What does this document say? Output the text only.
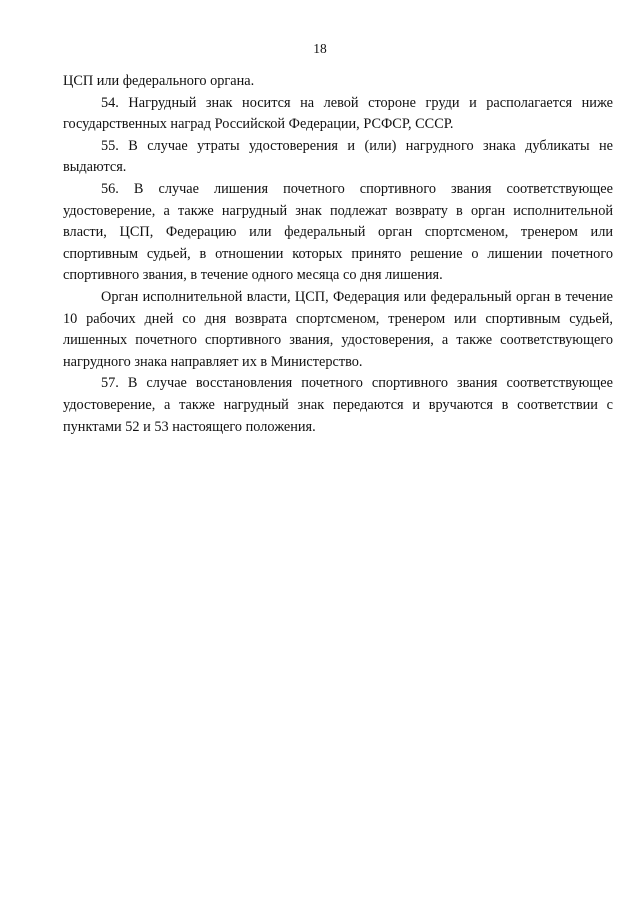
18

ЦСП или федерального органа.

54. Нагрудный знак носится на левой стороне груди и располагается ниже государственных наград Российской Федерации, РСФСР, СССР.

55. В случае утраты удостоверения и (или) нагрудного знака дубликаты не выдаются.

56. В случае лишения почетного спортивного звания соответствующее удостоверение, а также нагрудный знак подлежат возврату в орган исполнительной власти, ЦСП, Федерацию или федеральный орган спортсменом, тренером или спортивным судьей, в отношении которых принято решение о лишении почетного спортивного звания, в течение одного месяца со дня лишения.

Орган исполнительной власти, ЦСП, Федерация или федеральный орган в течение 10 рабочих дней со дня возврата спортсменом, тренером или спортивным судьей, лишенных почетного спортивного звания, удостоверения, а также соответствующего нагрудного знака направляет их в Министерство.

57. В случае восстановления почетного спортивного звания соответствующее удостоверение, а также нагрудный знак передаются и вручаются в соответствии с пунктами 52 и 53 настоящего положения.
